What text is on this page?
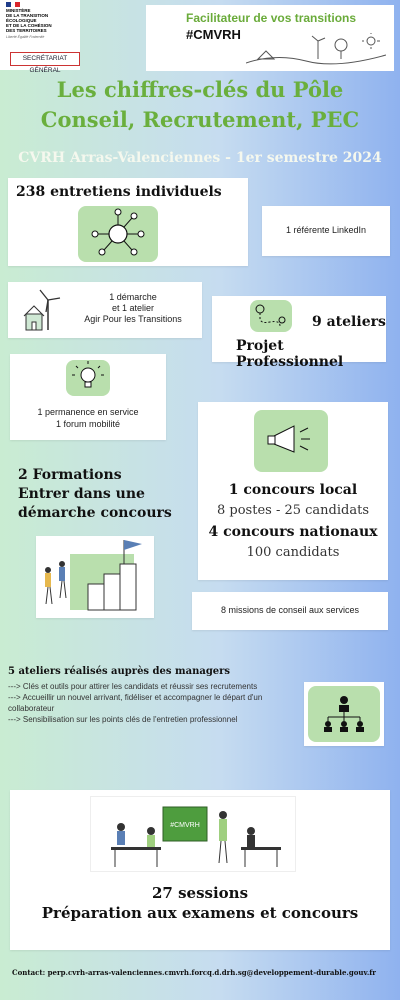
MINISTÈRE
DE LA TRANSITION
ÉCOLOGIQUE
ET DE LA COHÉSION
DES TERRITOIRES
Liberté Égalité Fraternité
SECRÉTARIAT GÉNÉRAL
Facilitateur de vos transitions
#CMVRH
Les chiffres-clés du Pôle
Conseil, Recrutement, PEC
CVRH Arras-Valenciennes - 1er semestre 2024
238 entretiens individuels
1 référente LinkedIn
1 démarche
et 1 atelier
Agir Pour les Transitions	9 ateliers
Projet Professionnel
1 permanence en service
1 forum mobilité
2 Formations
Entrer dans une
démarche concours
1 concours local
8 postes - 25 candidats
4 concours nationaux
100 candidats
8 missions de conseil aux services
5 ateliers réalisés auprès des managers
---> Clés et outils pour attirer les candidats et réussir ses recrutements
---> Accueillir un nouvel arrivant, fidéliser et accompagner le départ d'un collaborateur
---> Sensibilisation sur les points clés de l'entretien professionnel
#CMVRH
27 sessions
Préparation aux examens et concours
Contact: perp.cvrh-arras-valenciennes.cmvrh.forcq.d.drh.sg@developpement-durable.gouv.fr
